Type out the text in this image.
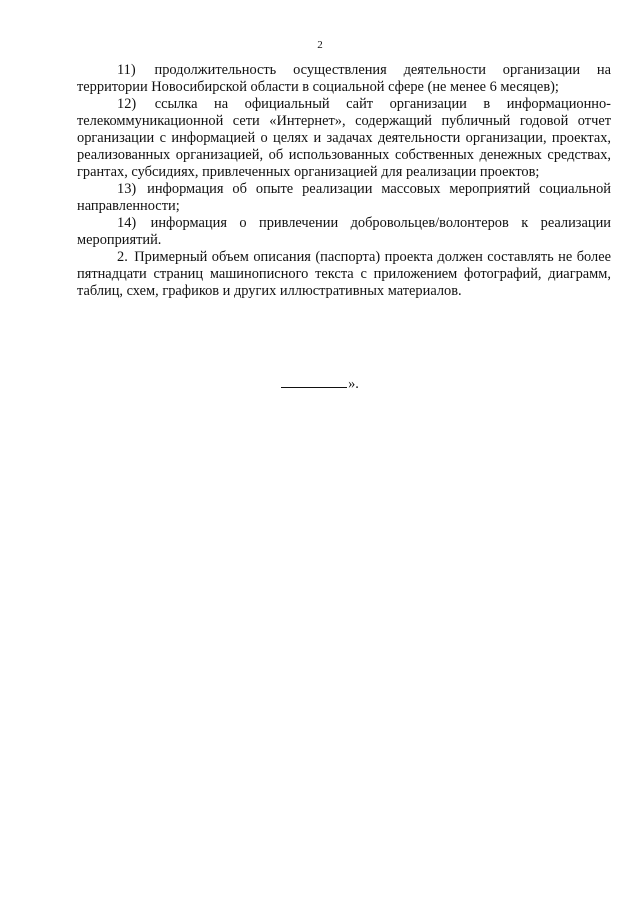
2

11) продолжительность осуществления деятельности организации на территории Новосибирской области в социальной сфере (не менее 6 месяцев);

12) ссылка на официальный сайт организации в информационно-телекоммуникационной сети «Интернет», содержащий публичный годовой отчет организации с информацией о целях и задачах деятельности организации, проектах, реализованных организацией, об использованных собственных денежных средствах, грантах, субсидиях, привлеченных организацией для реализации проектов;

13) информация об опыте реализации массовых мероприятий социальной направленности;

14) информация о привлечении добровольцев/волонтеров к реализации мероприятий.

2. Примерный объем описания (паспорта) проекта должен составлять не более пятнадцати страниц машинописного текста с приложением фотографий, диаграмм, таблиц, схем, графиков и других иллюстративных материалов.

».
